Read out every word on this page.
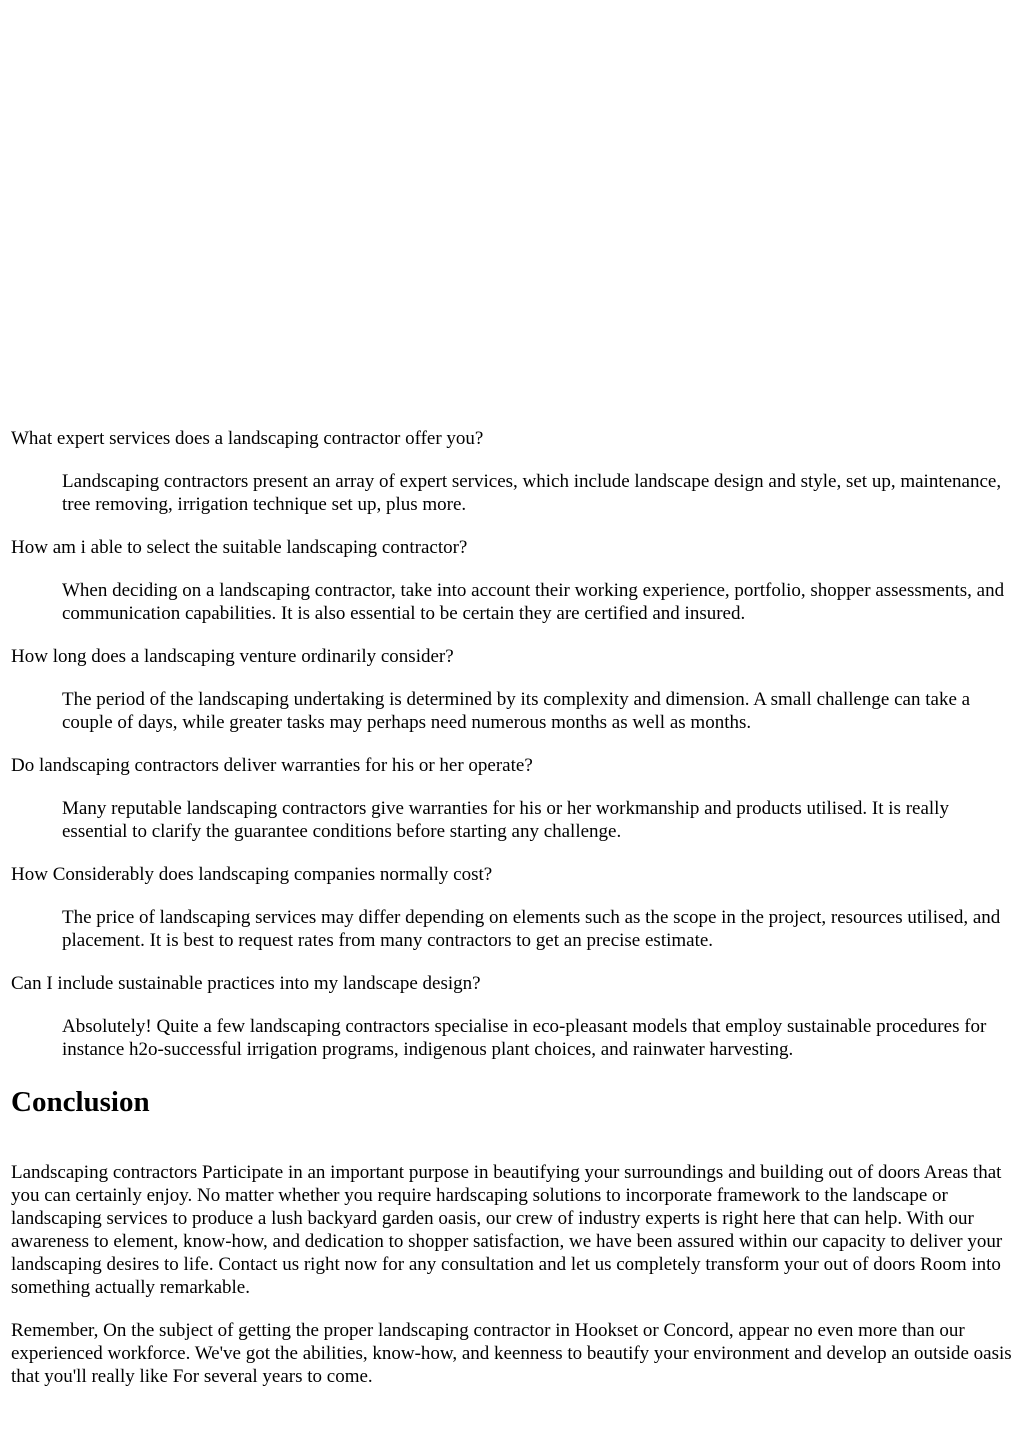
What expert services does a landscaping contractor offer you?

Landscaping contractors present an array of expert services, which include landscape design and style, set up, maintenance, tree removing, irrigation technique set up, plus more.

How am i able to select the suitable landscaping contractor?

When deciding on a landscaping contractor, take into account their working experience, portfolio, shopper assessments, and communication capabilities. It is also essential to be certain they are certified and insured.

How long does a landscaping venture ordinarily consider?

The period of the landscaping undertaking is determined by its complexity and dimension. A small challenge can take a couple of days, while greater tasks may perhaps need numerous months as well as months.

Do landscaping contractors deliver warranties for his or her operate?

Many reputable landscaping contractors give warranties for his or her workmanship and products utilised. It is really essential to clarify the guarantee conditions before starting any challenge.

How Considerably does landscaping companies normally cost?

The price of landscaping services may differ depending on elements such as the scope in the project, resources utilised, and placement. It is best to request rates from many contractors to get an precise estimate.

Can I include sustainable practices into my landscape design?

Absolutely! Quite a few landscaping contractors specialise in eco-pleasant models that employ sustainable procedures for instance h2o-successful irrigation programs, indigenous plant choices, and rainwater harvesting.

Conclusion

Landscaping contractors Participate in an important purpose in beautifying your surroundings and building out of doors Areas that you can certainly enjoy. No matter whether you require hardscaping solutions to incorporate framework to the landscape or landscaping services to produce a lush backyard garden oasis, our crew of industry experts is right here that can help. With our awareness to element, know-how, and dedication to shopper satisfaction, we have been assured within our capacity to deliver your landscaping desires to life. Contact us right now for any consultation and let us completely transform your out of doors Room into something actually remarkable.

Remember, On the subject of getting the proper landscaping contractor in Hookset or Concord, appear no even more than our experienced workforce. We've got the abilities, know-how, and keenness to beautify your environment and develop an outside oasis that you'll really like For several years to come.
